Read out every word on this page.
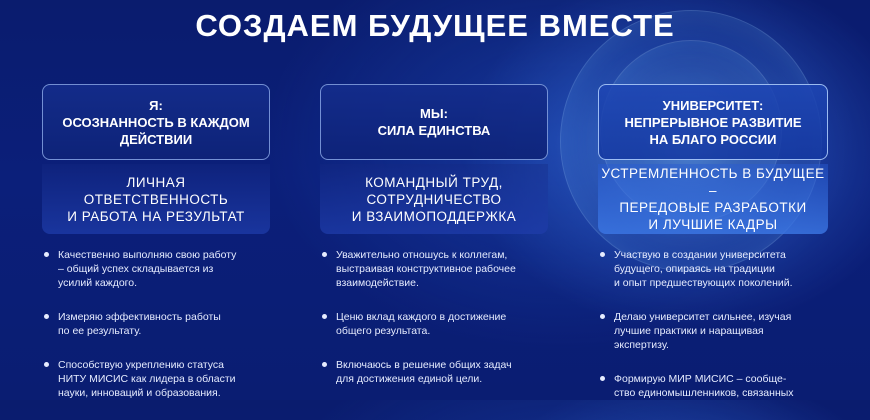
СОЗДАЕМ БУДУЩЕЕ ВМЕСТЕ
Я:
ОСОЗНАННОСТЬ В КАЖДОМ
ДЕЙСТВИИ
ЛИЧНАЯ
ОТВЕТСТВЕННОСТЬ
И РАБОТА НА РЕЗУЛЬТАТ
Качественно выполняю свою работу
– общий успех складывается из
усилий каждого.
Измеряю эффективность работы
по ее результату.
Способствую укреплению статуса
НИТУ МИСИС как лидера в области
науки, инноваций и образования.
МЫ:
СИЛА ЕДИНСТВА
КОМАНДНЫЙ ТРУД,
СОТРУДНИЧЕСТВО
И ВЗАИМОПОДДЕРЖКА
Уважительно отношусь к коллегам,
выстраивая конструктивное рабочее
взаимодействие.
Ценю вклад каждого в достижение
общего результата.
Включаюсь в решение общих задач
для достижения единой цели.
УНИВЕРСИТЕТ:
НЕПРЕРЫВНОЕ РАЗВИТИЕ
НА БЛАГО РОССИИ
УСТРЕМЛЕННОСТЬ В БУДУЩЕЕ –
ПЕРЕДОВЫЕ РАЗРАБОТКИ
И ЛУЧШИЕ КАДРЫ
Участвую в создании университета
будущего, опираясь на традиции
и опыт предшествующих поколений.
Делаю университет сильнее, изучая
лучшие практики и наращивая
экспертизу.
Формирую МИР МИСИС – сообще-
ство единомышленников, связанных
